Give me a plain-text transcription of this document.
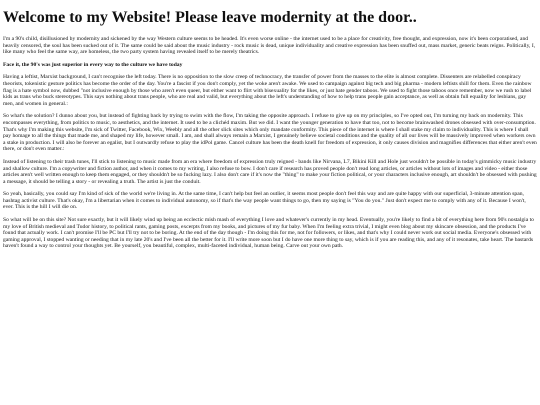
Welcome to my Website! Please leave modernity at the door..

I'm a 90's child, disillusioned by modernity and sickened by the way Western culture seems to be headed. It's even worse online - the internet used to be a place for creativity, free thought, and expression, now it's been corporatised, and heavily censored, the soul has been sucked out of it. The same could be said about the music industry - rock music is dead, unique individuality and creative expression has been snuffed out, mass market, generic beats reigns. Politically, I, like many who feel the same way, are homeless, the two party system having revealed itself to be merely theatrics.

Face it, the 90's was just superior in every way to the culture we have today

Having a leftist, Marxist background, I can't recognise the left today. There is no opposition to the slow creep of technocracy, the transfer of power from the masses to the elite is almost complete. Dissenters are relabelled conspiracy theorists, tokenistic gesture politics has become the order of the day. You're a fascist if you don't comply, yet the woke aren't awake. We used to campaign against big tech and big pharma - modern leftists shill for them. Even the rainbow flag is a hate symbol now, dubbed "not inclusive enough by those who aren't even queer, but either want to flirt with bisexuality for the likes, or just hate gender taboos. We used to fight those taboos once remember, now we rush to label kids as trans who buck stereotypes. This says nothing about trans people, who are real and valid, but everything about the left's understanding of how to help trans people gain acceptance, as well as obtain full equality for lesbians, gay men, and women in general.:

So what's the solution? I dunno about you, but instead of fighting back by trying to swim with the flow, I'm taking the opposite approach. I refuse to give up on my principles, so I've opted out, I'm turning my back on modernity. This encompasses everything, from politics to music, to aesthetics, and the internet. It used to be a clichéd maxim. But we did. I want the younger generation to have that too, not to become brainwashed drones obsessed with over-consumption. That's why I'm making this website, I'm sick of Twitter, Facebook, Wix, Weebly and all the other slick sites which only mandate conformity. This piece of the internet is where I shall stake my claim to individuality. This is where I shall pay homage to all the things that made me, and shaped my life, however small. I am, and shall always remain a Marxist, I genuinely believe societal conditions and the quality of all our lives will be massively improved when workers own a stake in production. I will also be forever an egalist, but I outwardly refuse to play the idPol game. Cancel culture has been the death knell for freedom of expression, it only causes division and magnifies differences that either aren't even there, or don't even matter.:

Instead of listening to their trash tunes, I'll stick to listening to music made from an era where freedom of expression truly reigned - bands like Nirvana, L7, Bikini Kill and Hole just wouldn't be possible in today's gimmicky music industry and shallow culture. I'm a copywriter and fiction author, and when it comes to my writing, I also refuse to bow. I don't care if research has proved people don't read long articles, or articles without lots of images and video - either those articles aren't well written enough to keep them engaged, or they shouldn't be so fucking lazy. I also don't care if it's now the "thing" to make your fiction political, or your characters inclusive enough, art shouldn't be obsessed with pushing a message, it should be telling a story - or revealing a truth. The artist is just the conduit.

So yeah, basically, you could say I'm kind of sick of the world we're living in. At the same time, I can't help but feel an outlier, it seems most people don't feel this way and are quite happy with our superficial, 3-minute attention span, hashtag activist culture. That's okay, I'm a libertarian when it comes to individual autonomy, so if that's the way people want things to go, then my saying is "You do you." Just don't expect me to comply with any of it. Because I won't, ever. This is the hill I will die on.

So what will be on this site? Not sure exactly, but it will likely wind up being an ecclectic mish mash of everything I love and whatever's currently in my head. Eventually, you're likely to find a bit of everything here from 90's nostalgia to my love of British medieval and Tudor history, to political rants, gaming posts, excerpts from my books, and pictures of my fur baby. When I'm feeling extra trivial, I might even blog about my skincare obsession, and the products I've found that actually work. I can't promise I'll be PC but I'll try not to be boring. At the end of the day though - I'm doing this for me, not for followers, or likes, and that's why I could never work out social media. Everyone's obsessed with gaming approval, I stopped wanting or needing that in my late 20's and I've been all the better for it. I'll write more soon but I do have one more thing to say, which is if you are reading this, and any of it resonates, take heart. The bastards haven't found a way to control your thoughts yet. Be yourself, you beautiful, complex, multi-faceted individual, human being. Carve out your own path.
